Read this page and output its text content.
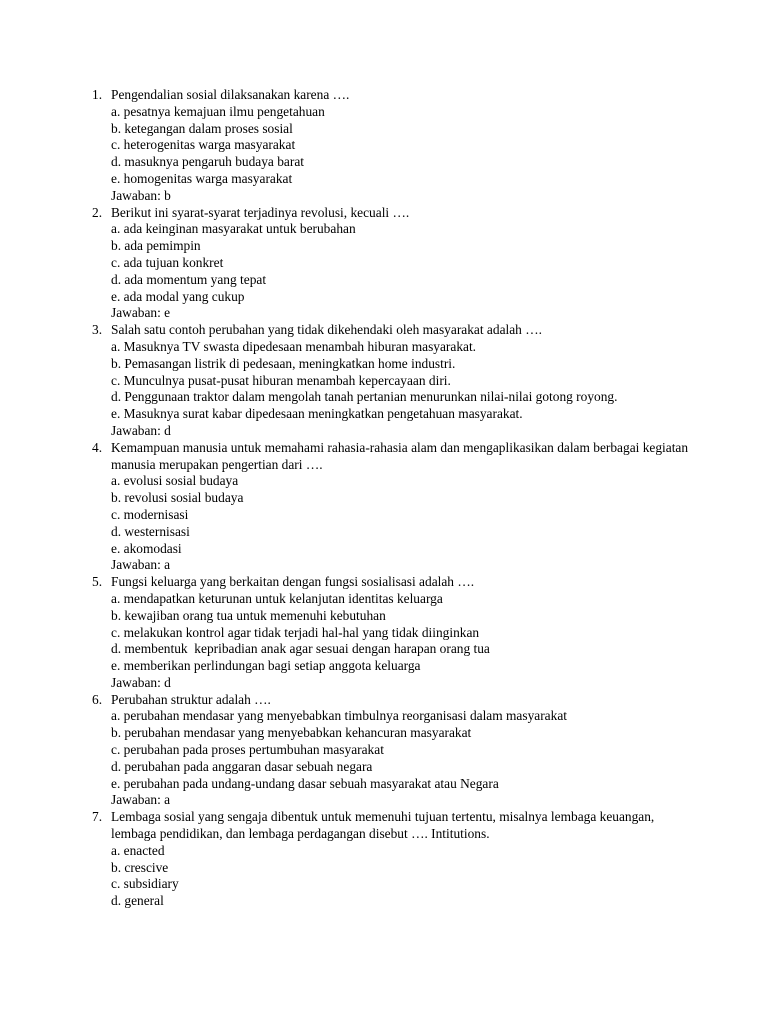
1. Pengendalian sosial dilaksanakan karena ….
a. pesatnya kemajuan ilmu pengetahuan
b. ketegangan dalam proses sosial
c. heterogenitas warga masyarakat
d. masuknya pengaruh budaya barat
e. homogenitas warga masyarakat
Jawaban: b
2. Berikut ini syarat-syarat terjadinya revolusi, kecuali ….
a. ada keinginan masyarakat untuk berubahan
b. ada pemimpin
c. ada tujuan konkret
d. ada momentum yang tepat
e. ada modal yang cukup
Jawaban: e
3. Salah satu contoh perubahan yang tidak dikehendaki oleh masyarakat adalah ….
a. Masuknya TV swasta dipedesaan menambah hiburan masyarakat.
b. Pemasangan listrik di pedesaan, meningkatkan home industri.
c. Munculnya pusat-pusat hiburan menambah kepercayaan diri.
d. Penggunaan traktor dalam mengolah tanah pertanian menurunkan nilai-nilai gotong royong.
e. Masuknya surat kabar dipedesaan meningkatkan pengetahuan masyarakat.
Jawaban: d
4. Kemampuan manusia untuk memahami rahasia-rahasia alam dan mengaplikasikan dalam berbagai kegiatan manusia merupakan pengertian dari ….
a. evolusi sosial budaya
b. revolusi sosial budaya
c. modernisasi
d. westernisasi
e. akomodasi
Jawaban: a
5. Fungsi keluarga yang berkaitan dengan fungsi sosialisasi adalah ….
a. mendapatkan keturunan untuk kelanjutan identitas keluarga
b. kewajiban orang tua untuk memenuhi kebutuhan
c. melakukan kontrol agar tidak terjadi hal-hal yang tidak diinginkan
d. membentuk  kepribadian anak agar sesuai dengan harapan orang tua
e. memberikan perlindungan bagi setiap anggota keluarga
Jawaban: d
6. Perubahan struktur adalah ….
a. perubahan mendasar yang menyebabkan timbulnya reorganisasi dalam masyarakat
b. perubahan mendasar yang menyebabkan kehancuran masyarakat
c. perubahan pada proses pertumbuhan masyarakat
d. perubahan pada anggaran dasar sebuah negara
e. perubahan pada undang-undang dasar sebuah masyarakat atau Negara
Jawaban: a
7. Lembaga sosial yang sengaja dibentuk untuk memenuhi tujuan tertentu, misalnya lembaga keuangan, lembaga pendidikan, dan lembaga perdagangan disebut …. Intitutions.
a. enacted
b. crescive
c. subsidiary
d. general
